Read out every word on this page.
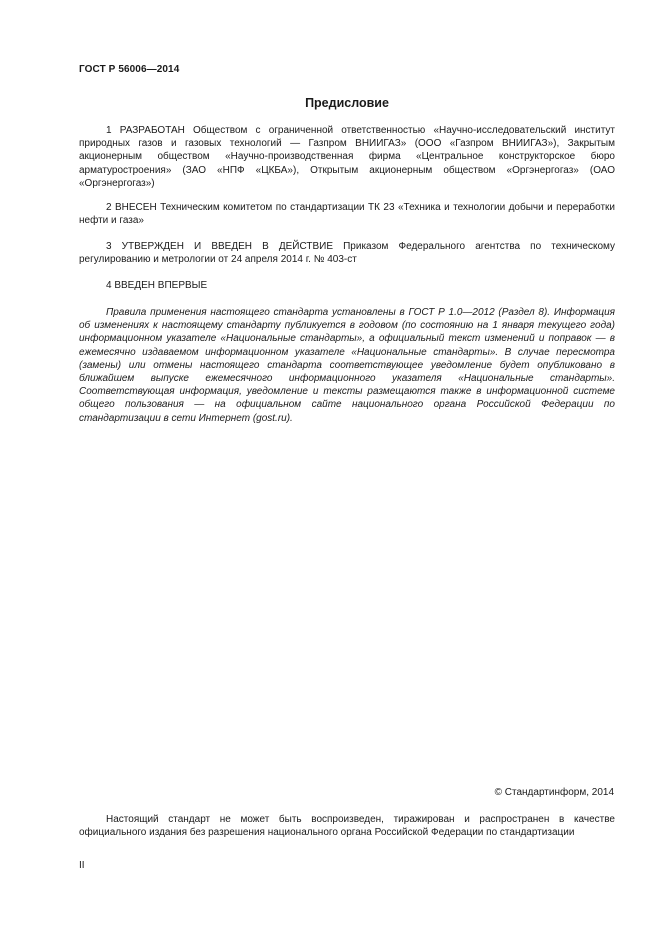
ГОСТ Р 56006—2014
Предисловие

1 РАЗРАБОТАН Обществом с ограниченной ответственностью «Научно-исследовательский институт природных газов и газовых технологий — Газпром ВНИИГАЗ» (ООО «Газпром ВНИИГАЗ»), Закрытым акционерным обществом «Научно-производственная фирма «Центральное конструкторское бюро арматуростроения» (ЗАО «НПФ «ЦКБА»), Открытым акционерным обществом «Оргэнергогаз» (ОАО «Оргэнергогаз»)

2 ВНЕСЕН Техническим комитетом по стандартизации ТК 23 «Техника и технологии добычи и переработки нефти и газа»

3 УТВЕРЖДЕН И ВВЕДЕН В ДЕЙСТВИЕ Приказом Федерального агентства по техническому регулированию и метрологии от 24 апреля 2014 г. № 403-ст

4 ВВЕДЕН ВПЕРВЫЕ

Правила применения настоящего стандарта установлены в ГОСТ Р 1.0—2012 (Раздел 8). Информация об изменениях к настоящему стандарту публикуется в годовом (по состоянию на 1 января текущего года) информационном указателе «Национальные стандарты», а официальный текст изменений и поправок — в ежемесячно издаваемом информационном указателе «Национальные стандарты». В случае пересмотра (замены) или отмены настоящего стандарта соответствующее уведомление будет опубликовано в ближайшем выпуске ежемесячного информационного указателя «Национальные стандарты». Соответствующая информация, уведомление и тексты размещаются также в информационной системе общего пользования — на официальном сайте национального органа Российской Федерации по стандартизации в сети Интернет (gost.ru).

© Стандартинформ, 2014

Настоящий стандарт не может быть воспроизведен, тиражирован и распространен в качестве официального издания без разрешения национального органа Российской Федерации по стандартизации

II
